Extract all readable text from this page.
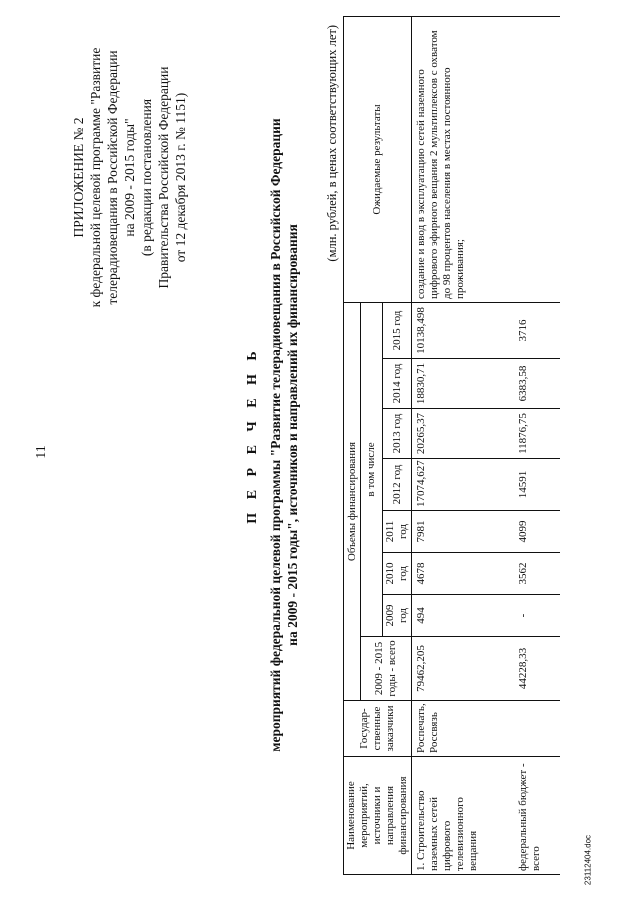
11
23112404.doc
ПРИЛОЖЕНИЕ № 2 к федеральной целевой программе "Развитие телерадиовещания в Российской Федерации на 2009 - 2015 годы" (в редакции постановления Правительства Российской Федерации от 12 декабря 2013 г. № 1151)
П Е Р Е Ч Е Н Ь мероприятий федеральной целевой программы "Развитие телерадиовещания в Российской Федерации на 2009 - 2015 годы", источников и направлений их финансирования
(млн. рублей, в ценах соответствующих лет)
Наименование мероприятий, источники и направления финансирования	Государ- ственные заказчики	Объемы финансирования								Ожидаемые результаты
		2009 - 2015 годы - всего	в том числе							
			2009 год	2010 год	2011 год	2012 год	2013 год	2014 год	2015 год	
1. Строительство наземных сетей цифрового телевизионного вещания	Роспечать, Россвязь	79462,205	494	4678	7981	17074,627	20265,37	18830,71	10138,498	создание и ввод в эксплуатацию сетей наземного цифрового эфирного вещания 2 мультиплексов с охватом до 98 процентов населения в местах постоянного проживания;
федеральный бюджет - всего		44228,33	-	3562	4099	14591	11876,75	6383,58	3716	
